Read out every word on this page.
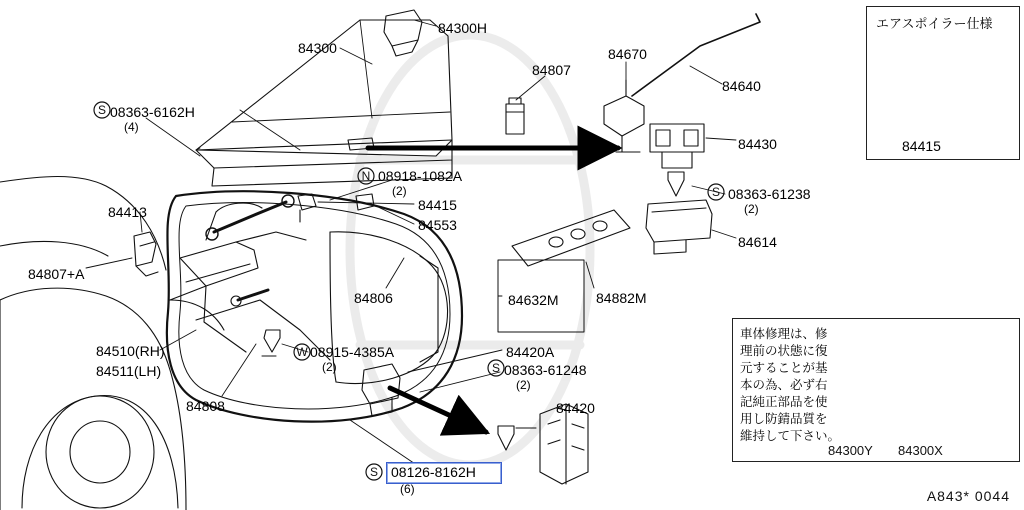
S
N
S
W
S
S
84300H
84300
84807
84670
84640
08363-6162H
(4)
84430
08918-1082A
(2)	08363-61238
(2)
84413	84415
84553
84614
84807+A
84806	84882M
84632M
08915-4385A
(2)
84420A
08363-61248
(2)
84510(RH)
84511(LH)
84808	84420
08126-8162H
(6)
エアスポイラー仕様
84415
車体修理は、修
理前の状態に復
元することが基
本の為、必ず右
記純正部品を使
用し防錆品質を
維持して下さい。
84300Y 84300X
A843* 0044
